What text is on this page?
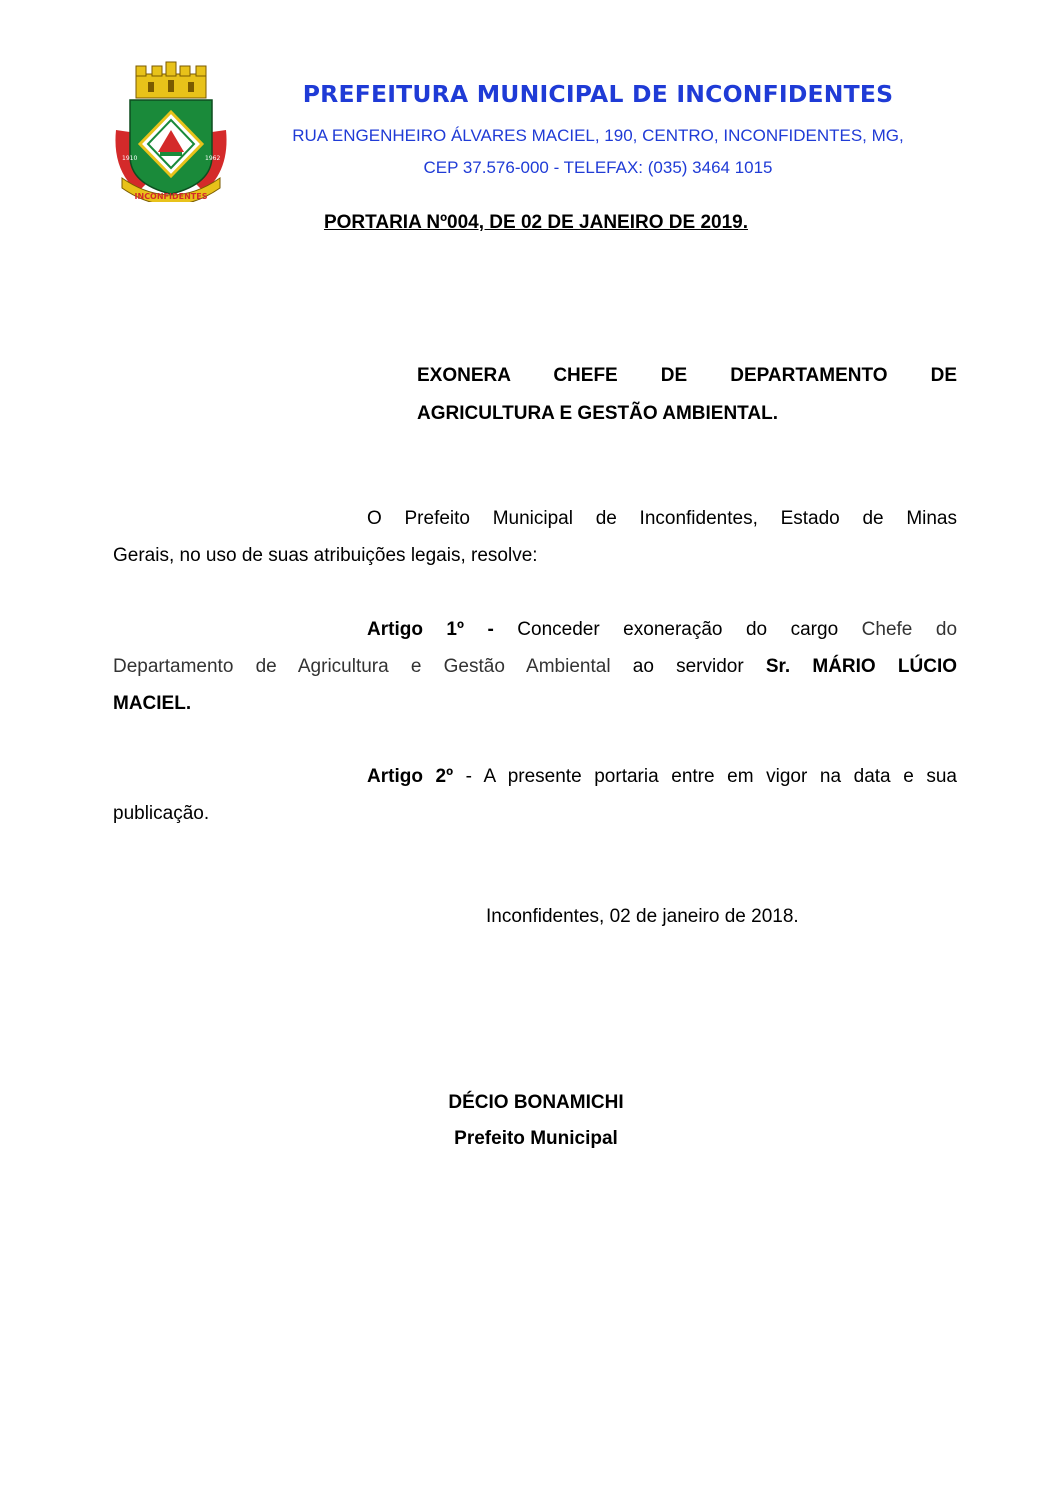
INCONFIDENTES
1910	1962
PREFEITURA MUNICIPAL DE INCONFIDENTES
RUA ENGENHEIRO ÁLVARES MACIEL, 190, CENTRO, INCONFIDENTES, MG,
CEP 37.576-000 - TELEFAX: (035) 3464 1015
PORTARIA Nº004, DE 02 DE JANEIRO DE 2019.
EXONERA CHEFE DE DEPARTAMENTO DE
AGRICULTURA E GESTÃO AMBIENTAL.
O Prefeito Municipal de Inconfidentes, Estado de Minas
Gerais, no uso de suas atribuições legais, resolve:
Artigo 1º - Conceder exoneração do cargo Chefe do
Departamento de Agricultura e Gestão Ambiental ao servidor Sr. MÁRIO LÚCIO
MACIEL.
Artigo 2º - A presente portaria entre em vigor na data e sua
publicação.
Inconfidentes, 02 de janeiro de 2018.
DÉCIO BONAMICHI
Prefeito Municipal
